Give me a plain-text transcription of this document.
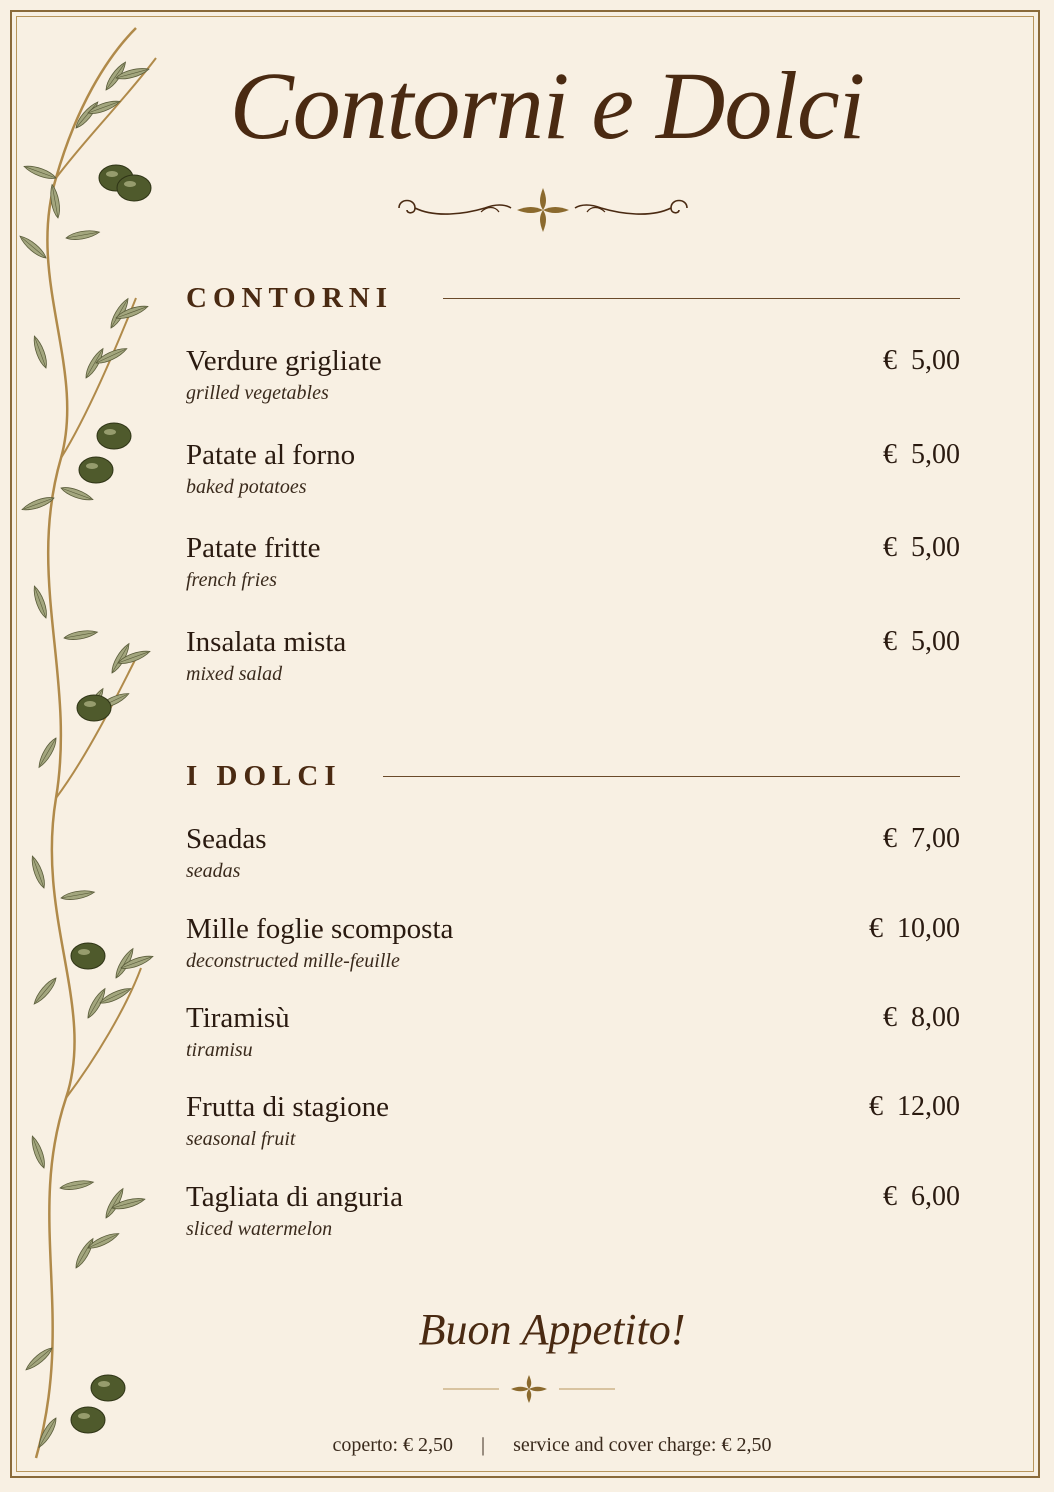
Contorni e Dolci
CONTORNI
Verdure grigliate
grilled vegetables
€  5,00
Patate al forno
baked potatoes
€  5,00
Patate fritte
french fries
€  5,00
Insalata mista
mixed salad
€  5,00
I DOLCI
Seadas
seadas
€  7,00
Mille foglie scomposta
deconstructed mille-feuille
€  10,00
Tiramisù
tiramisu
€  8,00
Frutta di stagione
seasonal fruit
€  12,00
Tagliata di anguria
sliced watermelon
€  6,00
Buon Appetito!
coperto: € 2,50 | service and cover charge: € 2,50
